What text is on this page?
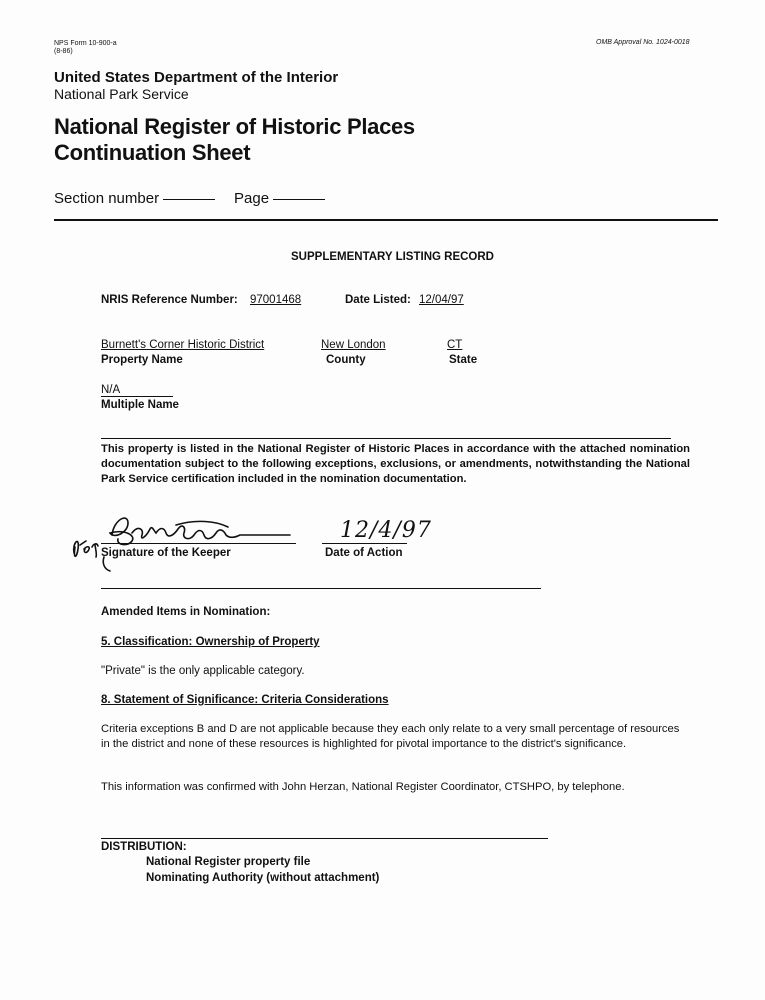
NPS Form 10-900-a
(8-86)
OMB Approval No. 1024-0018
United States Department of the Interior
National Park Service
National Register of Historic Places
Continuation Sheet
Section number	Page
SUPPLEMENTARY LISTING RECORD
NRIS Reference Number: 97001468	Date Listed: 12/04/97
Burnett's Corner Historic District
Property Name
New London
County
CT
State
N/A
Multiple Name
This property is listed in the National Register of Historic Places in accordance with the attached nomination documentation subject to the following exceptions, exclusions, or amendments, notwithstanding the National Park Service certification included in the nomination documentation.
Signature of the Keeper
12/4/97
Date of Action
Amended Items in Nomination:
5. Classification: Ownership of Property
"Private" is the only applicable category.
8. Statement of Significance: Criteria Considerations
Criteria exceptions B and D are not applicable because they each only relate to a very small percentage of resources in the district and none of these resources is highlighted for pivotal importance to the district's significance.
This information was confirmed with John Herzan, National Register Coordinator, CTSHPO, by telephone.
DISTRIBUTION:
National Register property file
Nominating Authority (without attachment)
